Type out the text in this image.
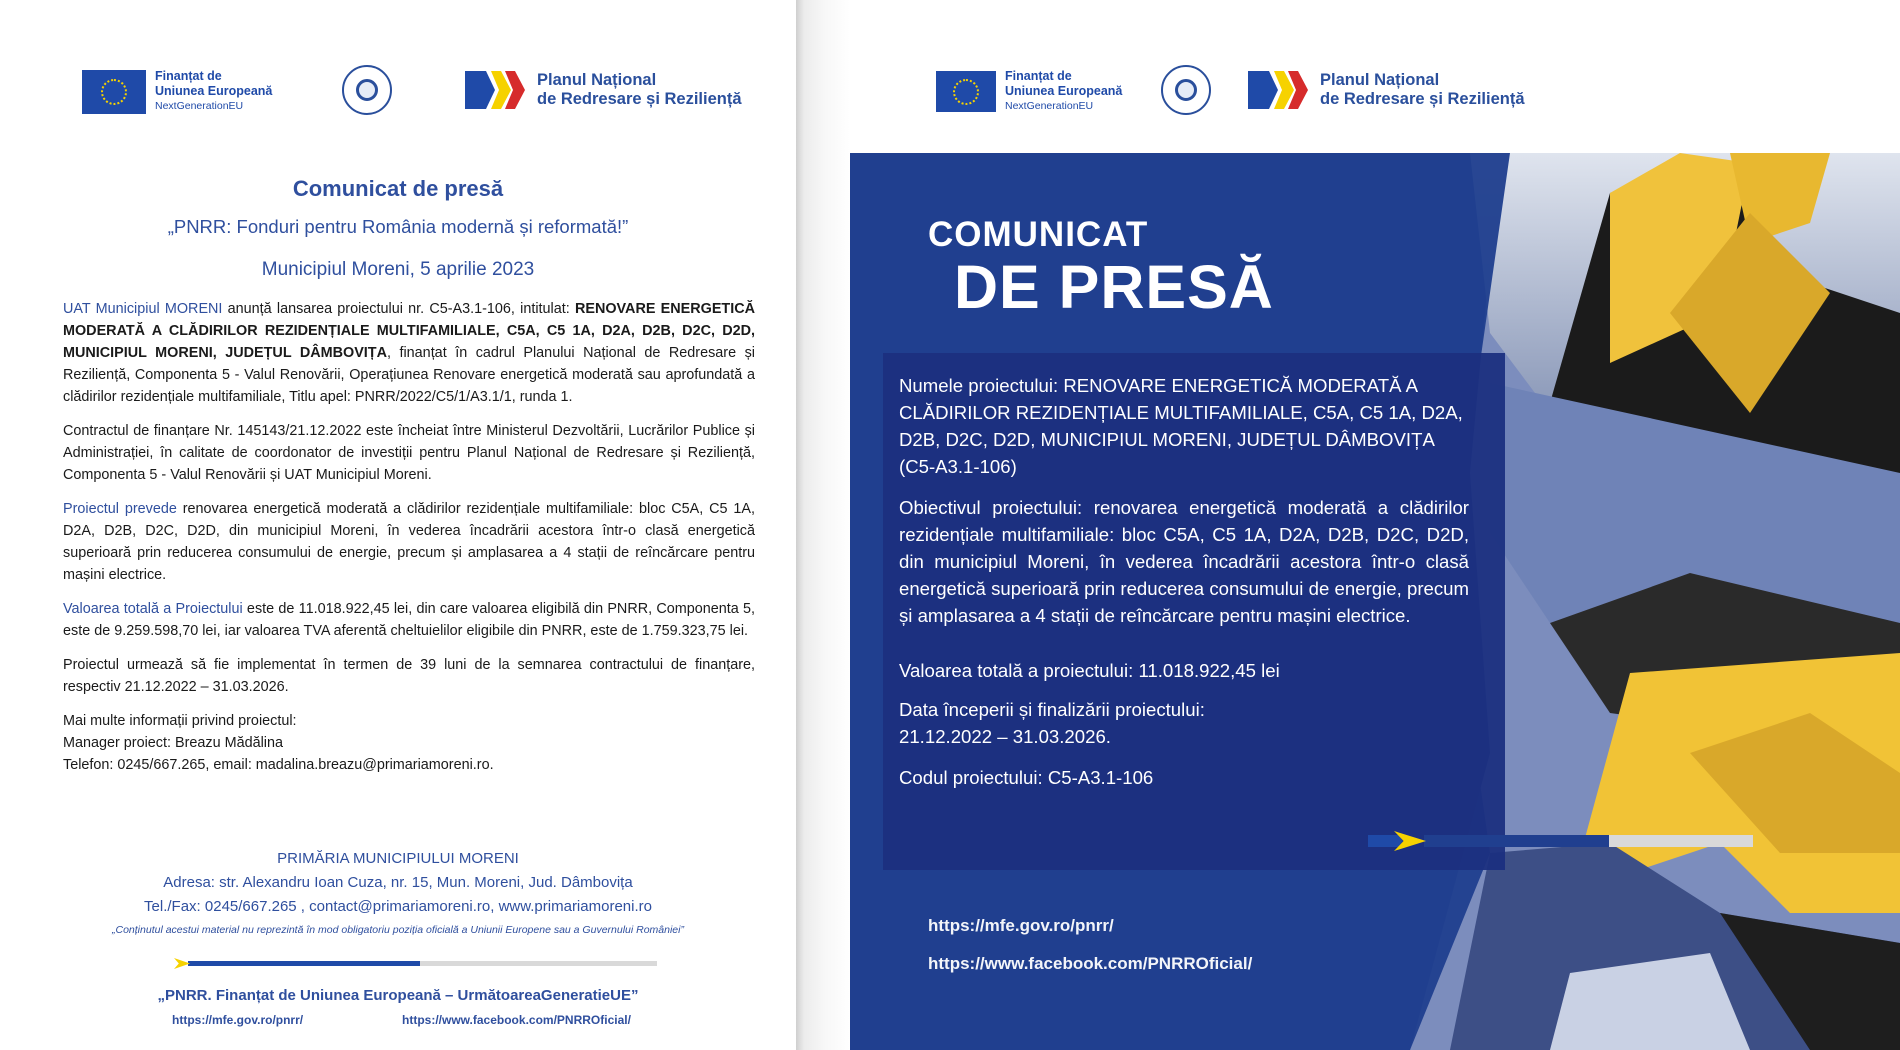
Finanțat de
Uniunea Europeană
NextGenerationEU
Planul Național
de Redresare și Reziliență
Comunicat de presă
„PNRR: Fonduri pentru România modernă și reformată!”
Municipiul Moreni, 5 aprilie 2023

UAT Municipiul MORENI anunță lansarea proiectului nr. C5-A3.1-106, intitulat: RENOVARE ENERGETICĂ MODERATĂ A CLĂDIRILOR REZIDENȚIALE MULTIFAMILIALE, C5A, C5 1A, D2A, D2B, D2C, D2D, MUNICIPIUL MORENI, JUDEȚUL DÂMBOVIȚA, finanțat în cadrul Planului Național de Redresare și Reziliență, Componenta 5 - Valul Renovării, Operațiunea Renovare energetică moderată sau aprofundată a clădirilor rezidențiale multifamiliale, Titlu apel: PNRR/2022/C5/1/A3.1/1, runda 1.

Contractul de finanțare Nr. 145143/21.12.2022 este încheiat între Ministerul Dezvoltării, Lucrărilor Publice și Administrației, în calitate de coordonator de investiții pentru Planul Național de Redresare și Reziliență, Componenta 5 - Valul Renovării și UAT Municipiul Moreni.

Proiectul prevede renovarea energetică moderată a clădirilor rezidențiale multifamiliale: bloc C5A, C5 1A, D2A, D2B, D2C, D2D, din municipiul Moreni, în vederea încadrării acestora într-o clasă energetică superioară prin reducerea consumului de energie, precum și amplasarea a 4 stații de reîncărcare pentru mașini electrice.

Valoarea totală a Proiectului este de 11.018.922,45 lei, din care valoarea eligibilă din PNRR, Componenta 5, este de 9.259.598,70 lei, iar valoarea TVA aferentă cheltuielilor eligibile din PNRR, este de 1.759.323,75 lei.

Proiectul urmează să fie implementat în termen de 39 luni de la semnarea contractului de finanțare, respectiv 21.12.2022 – 31.03.2026.

Mai multe informații privind proiectul:

Manager proiect: Breazu Mădălina

Telefon: 0245/667.265, email: madalina.breazu@primariamoreni.ro.

PRIMĂRIA MUNICIPIULUI MORENI
Adresa: str. Alexandru Ioan Cuza, nr. 15, Mun. Moreni, Jud. Dâmbovița
Tel./Fax: 0245/667.265 , contact@primariamoreni.ro, www.primariamoreni.ro
„Conținutul acestui material nu reprezintă în mod obligatoriu poziția oficială a Uniunii Europene sau a Guvernului României”
„PNRR. Finanțat de Uniunea Europeană – UrmătoareaGeneratieUE”
https://mfe.gov.ro/pnrr/	https://www.facebook.com/PNRROficial/
Finanțat de
Uniunea Europeană
NextGenerationEU
Planul Național
de Redresare și Reziliență
COMUNICAT
DE PRESĂ

Numele proiectului: RENOVARE ENERGETICĂ MODERATĂ A CLĂDIRILOR REZIDENȚIALE MULTIFAMILIALE, C5A, C5 1A, D2A, D2B, D2C, D2D, MUNICIPIUL MORENI, JUDEȚUL DÂMBOVIȚA (C5-A3.1-106)

Obiectivul proiectului: renovarea energetică moderată a clădirilor rezidențiale multifamiliale: bloc C5A, C5 1A, D2A, D2B, D2C, D2D, din municipiul Moreni, în vederea încadrării acestora într-o clasă energetică superioară prin reducerea consumului de energie, precum și amplasarea a 4 stații de reîncărcare pentru mașini electrice.

Valoarea totală a proiectului: 11.018.922,45 lei

Data începerii și finalizării proiectului:
21.12.2022 – 31.03.2026.

Codul proiectului: C5-A3.1-106

https://mfe.gov.ro/pnrr/
https://www.facebook.com/PNRROficial/
